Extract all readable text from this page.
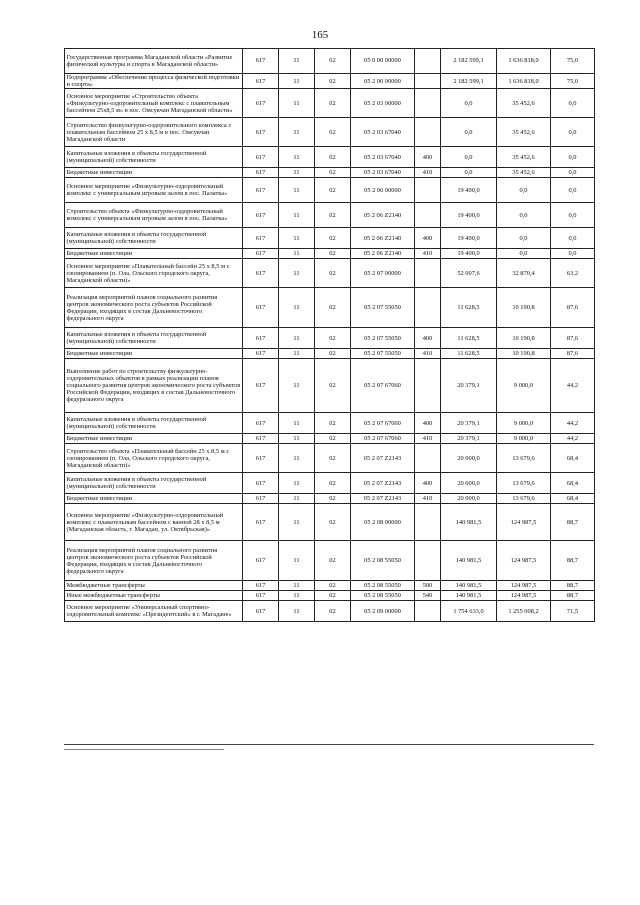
165
Государственная программа Магаданской области «Развитие физической культуры и спорта в Магаданской области»	617	11	02	05 0 00 00000		2 182 599,1	1 636 818,0	75,0
Подпрограмма «Обеспечение процесса физической подготовки и спорта»	617	11	02	05 2 00 00000		2 182 599,1	1 636 818,0	75,0
Основное мероприятие «Строительство объекта «Физкультурно-оздоровительный комплекс с плавательным бассейном 25х8,5 м» в пос. Омсукчан Магаданской области»	617	11	02	05 2 03 00000		0,0	35 452,6	0,0
Строительство физкультурно-оздоровительного комплекса с плавательным бассейном 25 х 8,5 м в пос. Омсукчан Магаданской области	617	11	02	05 2 03 67040		0,0	35 452,6	0,0
Капитальные вложения в объекты государственной (муниципальной) собственности	617	11	02	05 2 03 67040	400	0,0	35 452,6	0,0
Бюджетные инвестиции	617	11	02	05 2 03 67040	410	0,0	35 452,6	0,0
Основное мероприятие «Физкультурно-оздоровительный комплекс с универсальным игровым залом в пос. Палатка»	617	11	02	05 2 06 00000		19 400,0	0,0	0,0
Строительство объекта «Физкультурно-оздоровительный комплекс с универсальным игровым залом в пос. Палатка»	617	11	02	05 2 06 Z2140		19 400,0	0,0	0,0
Капитальные вложения в объекты государственной (муниципальной) собственности	617	11	02	05 2 06 Z2140	400	19 400,0	0,0	0,0
Бюджетные инвестиции	617	11	02	05 2 06 Z2140	410	19 400,0	0,0	0,0
Основное мероприятие «Плавательный бассейн 25 х 8,5 м с озонированием (п. Ола, Ольского городского округа, Магаданской области)»	617	11	02	05 2 07 00000		52 007,6	32 870,4	63,2
Реализация мероприятий планов социального развития центров экономического роста субъектов Российской Федерации, входящих в состав Дальневосточного федерального округа	617	11	02	05 2 07 55050		11 628,5	10 190,8	87,6
Капитальные вложения в объекты государственной (муниципальной) собственности	617	11	02	05 2 07 55050	400	11 628,5	10 190,8	87,6
Бюджетные инвестиции	617	11	02	05 2 07 55050	410	11 628,5	10 190,8	87,6
Выполнение работ по строительству физкультурно-оздоровительных объектов в рамках реализации планов социального развития центров экономического роста субъектов Российской Федерации, входящих в состав Дальневосточного федерального округа	617	11	02	05 2 07 67060		20 379,1	9 000,0	44,2
Капитальные вложения в объекты государственной (муниципальной) собственности	617	11	02	05 2 07 67060	400	20 379,1	9 000,0	44,2
Бюджетные инвестиции	617	11	02	05 2 07 67060	410	20 379,1	9 000,0	44,2
Строительство объекта «Плавательный бассейн 25 х 8,5 м с озонированием (п. Ола, Ольского городского округа, Магаданской области)»	617	11	02	05 2 07 Z2143		20 000,0	13 679,6	68,4
Капитальные вложения в объекты государственной (муниципальной) собственности	617	11	02	05 2 07 Z2143	400	20 000,0	13 679,6	68,4
Бюджетные инвестиции	617	11	02	05 2 07 Z2143	410	20 000,0	13 679,6	68,4
Основное мероприятие «Физкультурно-оздоровительный комплекс с плавательным бассейном с ванной 28 х 8,5 м (Магаданская область, г. Магадан, ул. Октябрьская)»	617	11	02	05 2 08 00000		140 981,5	124 987,5	88,7
Реализация мероприятий планов социального развития центров экономического роста субъектов Российской Федерации, входящих в состав Дальневосточного федерального округа	617	11	02	05 2 08 55050		140 981,5	124 987,5	88,7
Межбюджетные трансферты	617	11	02	05 2 08 55050	500	140 981,5	124 987,5	88,7
Иные межбюджетные трансферты	617	11	02	05 2 08 55050	540	140 981,5	124 987,5	88,7
Основное мероприятие «Универсальный спортивно-оздоровительный комплекс «Президентский» в г. Магадане»	617	11	02	05 2 09 00000		1 754 633,0	1 255 008,2	71,5
